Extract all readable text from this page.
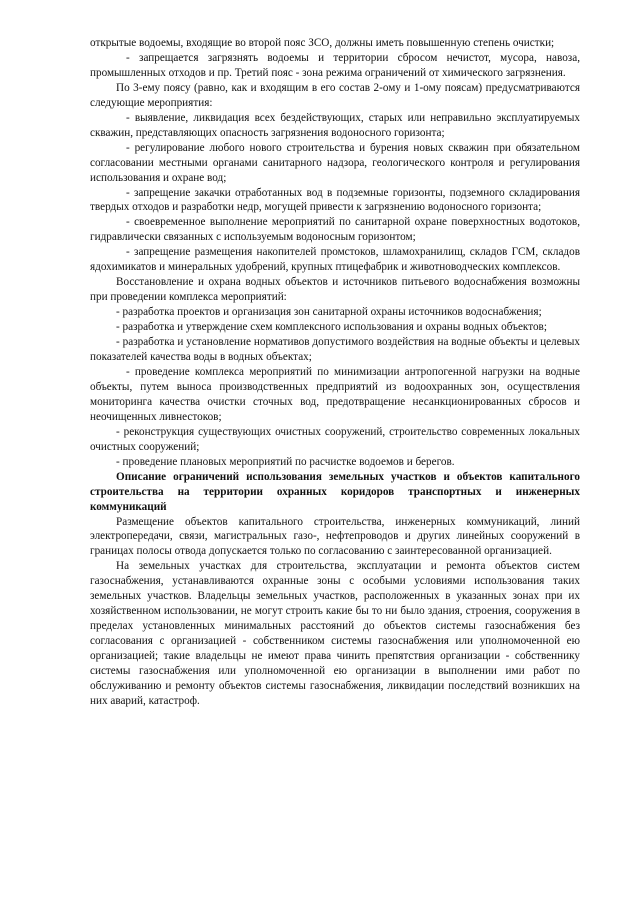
открытые водоемы, входящие во второй пояс ЗСО, должны иметь повышенную степень очистки;

- запрещается загрязнять водоемы и территории сбросом нечистот, мусора, навоза, промышленных отходов и пр. Третий пояс - зона режима ограничений от химического загрязнения.

По 3-ему поясу (равно, как и входящим в его состав 2-ому и 1-ому поясам) предусматриваются следующие мероприятия:

- выявление, ликвидация всех бездействующих, старых или неправильно эксплуатируемых скважин, представляющих опасность загрязнения водоносного горизонта;

- регулирование любого нового строительства и бурения новых скважин при обязательном согласовании местными органами санитарного надзора, геологического контроля и регулирования использования и охране вод;

- запрещение закачки отработанных вод в подземные горизонты, подземного складирования твердых отходов и разработки недр, могущей привести к загрязнению водоносного горизонта;

- своевременное выполнение мероприятий по санитарной охране поверхностных водотоков, гидравлически связанных с используемым водоносным горизонтом;

- запрещение размещения накопителей промстоков, шламохранилищ, складов ГСМ, складов ядохимикатов и минеральных удобрений, крупных птицефабрик и животноводческих комплексов.

Восстановление и охрана водных объектов и источников питьевого водоснабжения возможны при проведении комплекса мероприятий:

- разработка проектов и организация зон санитарной охраны источников водоснабжения;

- разработка и утверждение схем комплексного использования и охраны водных объектов;

- разработка и установление нормативов допустимого воздействия на водные объекты и целевых показателей качества воды в водных объектах;

- проведение комплекса мероприятий по минимизации антропогенной нагрузки на водные объекты, путем выноса производственных предприятий из водоохранных зон, осуществления мониторинга качества очистки сточных вод, предотвращение несанкционированных сбросов и неочищенных ливнестоков;

- реконструкция существующих очистных сооружений, строительство современных локальных очистных сооружений;

- проведение плановых мероприятий по расчистке водоемов и берегов.

Описание ограничений использования земельных участков и объектов капитального строительства на территории охранных коридоров транспортных и инженерных коммуникаций

Размещение объектов капитального строительства, инженерных коммуникаций, линий электропередачи, связи, магистральных газо-, нефтепроводов и других линейных сооружений в границах полосы отвода допускается только по согласованию с заинтересованной организацией.

На земельных участках для строительства, эксплуатации и ремонта объектов систем газоснабжения, устанавливаются охранные зоны с особыми условиями использования таких земельных участков. Владельцы земельных участков, расположенных в указанных зонах при их хозяйственном использовании, не могут строить какие бы то ни было здания, строения, сооружения в пределах установленных минимальных расстояний до объектов системы газоснабжения без согласования с организацией - собственником системы газоснабжения или уполномоченной ею организацией; такие владельцы не имеют права чинить препятствия организации - собственнику системы газоснабжения или уполномоченной ею организации в выполнении ими работ по обслуживанию и ремонту объектов системы газоснабжения, ликвидации последствий возникших на них аварий, катастроф.
